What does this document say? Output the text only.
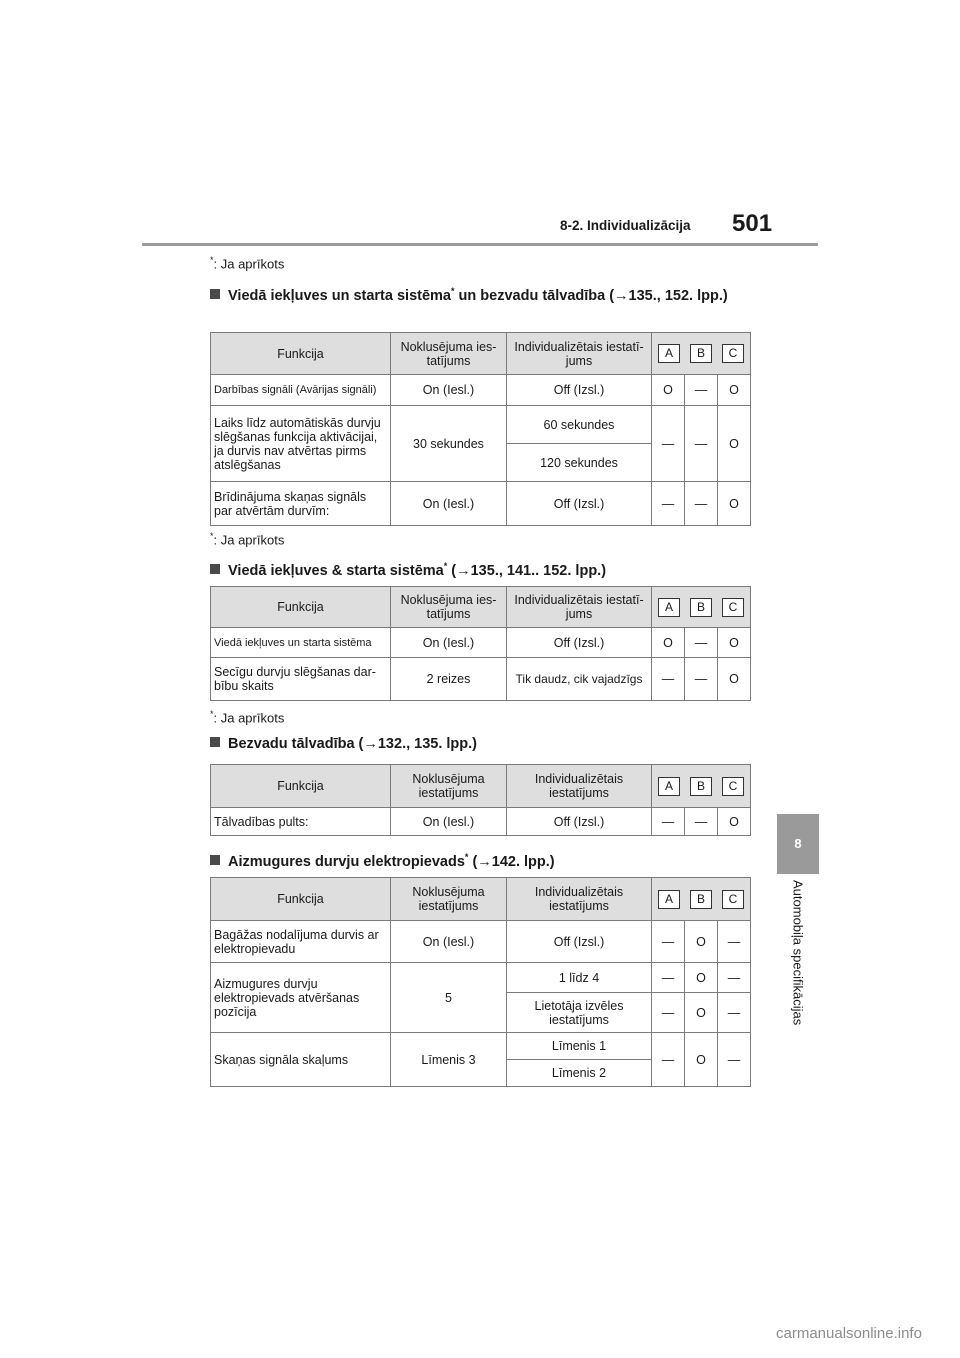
8-2. Individualizācija 501
8
Automobiļa specifikācijas
*: Ja aprīkots
Viedā iekļuves un starta sistēma* un bezvadu tālvadība (→135., 152. lpp.)
Funkcija	Noklusējuma ies-tatījums	Individualizētais iestatī-jums	A B C		

Darbības signāli (Avārijas signāli)	On (Iesl.)	Off (Izsl.)	O	—	O
Laiks līdz automātiskās durvju slēgšanas funkcija aktivācijai, ja durvis nav atvērtas pirms atslēgšanas	30 sekundes	60 sekundes	—	—	O
		120 sekundes			
Brīdinājuma skaņas signāls par atvērtām durvīm:	On (Iesl.)	Off (Izsl.)	—	—	O
*: Ja aprīkots
Viedā iekļuves & starta sistēma* (→135., 141.. 152. lpp.)
Funkcija	Noklusējuma ies-tatījums	Individualizētais iestatī-jums	A B C		

Viedā iekļuves un starta sistēma	On (Iesl.)	Off (Izsl.)	O	—	O
Secīgu durvju slēgšanas dar-bību skaits	2 reizes	Tik daudz, cik vajadzīgs	—	—	O
*: Ja aprīkots
Bezvadu tālvadība (→132., 135. lpp.)
Funkcija	Noklusējuma iestatījums	Individualizētais iestatījums	A B C		

Tālvadības pults:	On (Iesl.)	Off (Izsl.)	—	—	O
Aizmugures durvju elektropievads* (→142. lpp.)
Funkcija	Noklusējuma iestatījums	Individualizētais iestatījums	A B C		

Bagāžas nodalījuma durvis ar elektropievadu	On (Iesl.)	Off (Izsl.)	—	O	—
Aizmugures durvju elektropievads atvēršanas pozīcija	5	1 līdz 4	—	O	—
		Lietotāja izvēles iestatījums	—	O	—
Skaņas signāla skaļums	Līmenis 3	Līmenis 1	—	O	—
		Līmenis 2			
carmanualsonline.info
